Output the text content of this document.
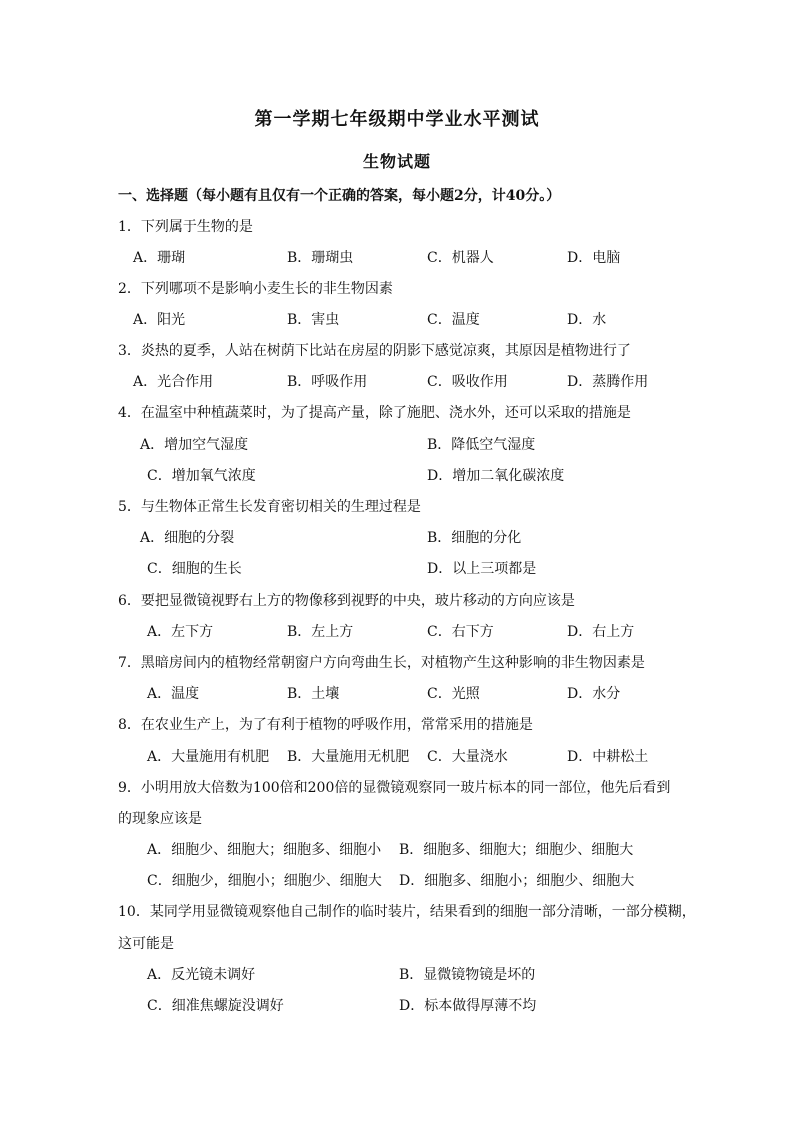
第一学期七年级期中学业水平测试
生物试题
一、选择题（每小题有且仅有一个正确的答案，每小题2分，计40分。）
1．下列属于生物的是
A．珊瑚	B．珊瑚虫	C．机器人	D．电脑
2．下列哪项不是影响小麦生长的非生物因素
A．阳光	B．害虫	C．温度	D．水
3．炎热的夏季，人站在树荫下比站在房屋的阴影下感觉凉爽，其原因是植物进行了
A．光合作用	B．呼吸作用	C．吸收作用	D．蒸腾作用
4．在温室中种植蔬菜时，为了提高产量，除了施肥、浇水外，还可以采取的措施是
A．增加空气湿度	B．降低空气湿度
C．增加氧气浓度	D．增加二氧化碳浓度
5．与生物体正常生长发育密切相关的生理过程是
A．细胞的分裂	B．细胞的分化
C．细胞的生长	D．以上三项都是
6．要把显微镜视野右上方的物像移到视野的中央，玻片移动的方向应该是
A．左下方	B．左上方	C．右下方	D．右上方
7．黑暗房间内的植物经常朝窗户方向弯曲生长，对植物产生这种影响的非生物因素是
A．温度	B．土壤	C．光照	D．水分
8．在农业生产上，为了有利于植物的呼吸作用，常常采用的措施是
A．大量施用有机肥 B．大量施用无机肥 C．大量浇水	D．中耕松土
9．小明用放大倍数为100倍和200倍的显微镜观察同一玻片标本的同一部位，他先后看到
的现象应该是
A．细胞少、细胞大；细胞多、细胞小 B．细胞多、细胞大；细胞少、细胞大
C．细胞少，细胞小；细胞少、细胞大 D．细胞多、细胞小；细胞少、细胞大
10．某同学用显微镜观察他自己制作的临时装片，结果看到的细胞一部分清晰，一部分模糊，
这可能是
A．反光镜未调好	B．显微镜物镜是坏的
C．细准焦螺旋没调好	D．标本做得厚薄不均
